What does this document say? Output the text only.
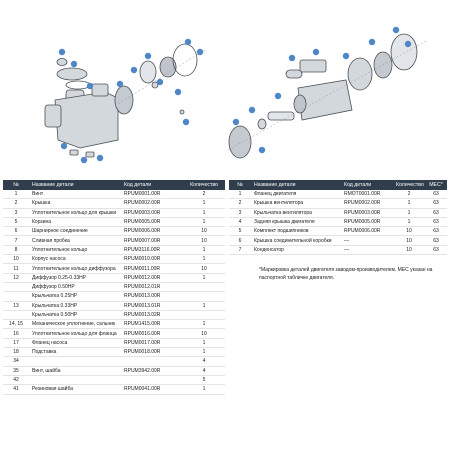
№	Название детали	Код детали	Количество
1	Винт	RPUM0001.00R	2
2	Крышка	RPUM0002.00R	1
3	Уплотнительное кольцо для крышки	RPUM0003.00R	1
5	Корзина	RPUM0005.00R	1
6	Шарнирное соединение	RPUM0006.00R	10
7	Сливная пробка	RPUM0007.00R	10
8	Уплотнительное кольцо	RPUM3116.00R	1
10	Корпус насоса	RPUM0010.00R	1
11	Уплотнительное кольцо диффузора	RPUM0011.00R	10
12	Диффузор 0.25-0.33HP	RPUM0012.00R	1
	Диффузор 0.50HP	RPUM0012.01R	
	Крыльчатка 0.25HP	RPUM0013.00R	
13	Крыльчатка 0.33HP	RPUM0013.01R	1
	Крыльчатка 0.50HP	RPUM0013.02R	
14, 15	Механическое уплотнение, сальник	RPUM1415.00R	1
16	Уплотнительное кольцо для фланца	RPUM0016.00R	10
17	Фланец насоса	RPUM0017.00R	1
18	Подставка	RPUM0018.00R	1
34			4
35	Винт, шайба	RPUM3942.00R	4
42			5
41	Резиновая шайба	RPUM0041.00R	1
№	Название детали	Код детали	Количество	MEC*
1	Фланец двигателя	RMOT0001.00R	2	63
2	Крышка вентилятора	RPUM0002.00R	1	63
3	Крыльчатка вентилятора	RPUM0003.00R	1	63
4	Задняя крышка двигателя	RPUM0005.00R	1	63
5	Комплект подшипников	RPUM0006.00R	10	63
6	Крышка соединительной коробки	—	10	63
7	Конденсатор	—	10	63
*Маркировка деталей двигателя заводом-производителем. MEC указан на паспортной табличке двигателя.
